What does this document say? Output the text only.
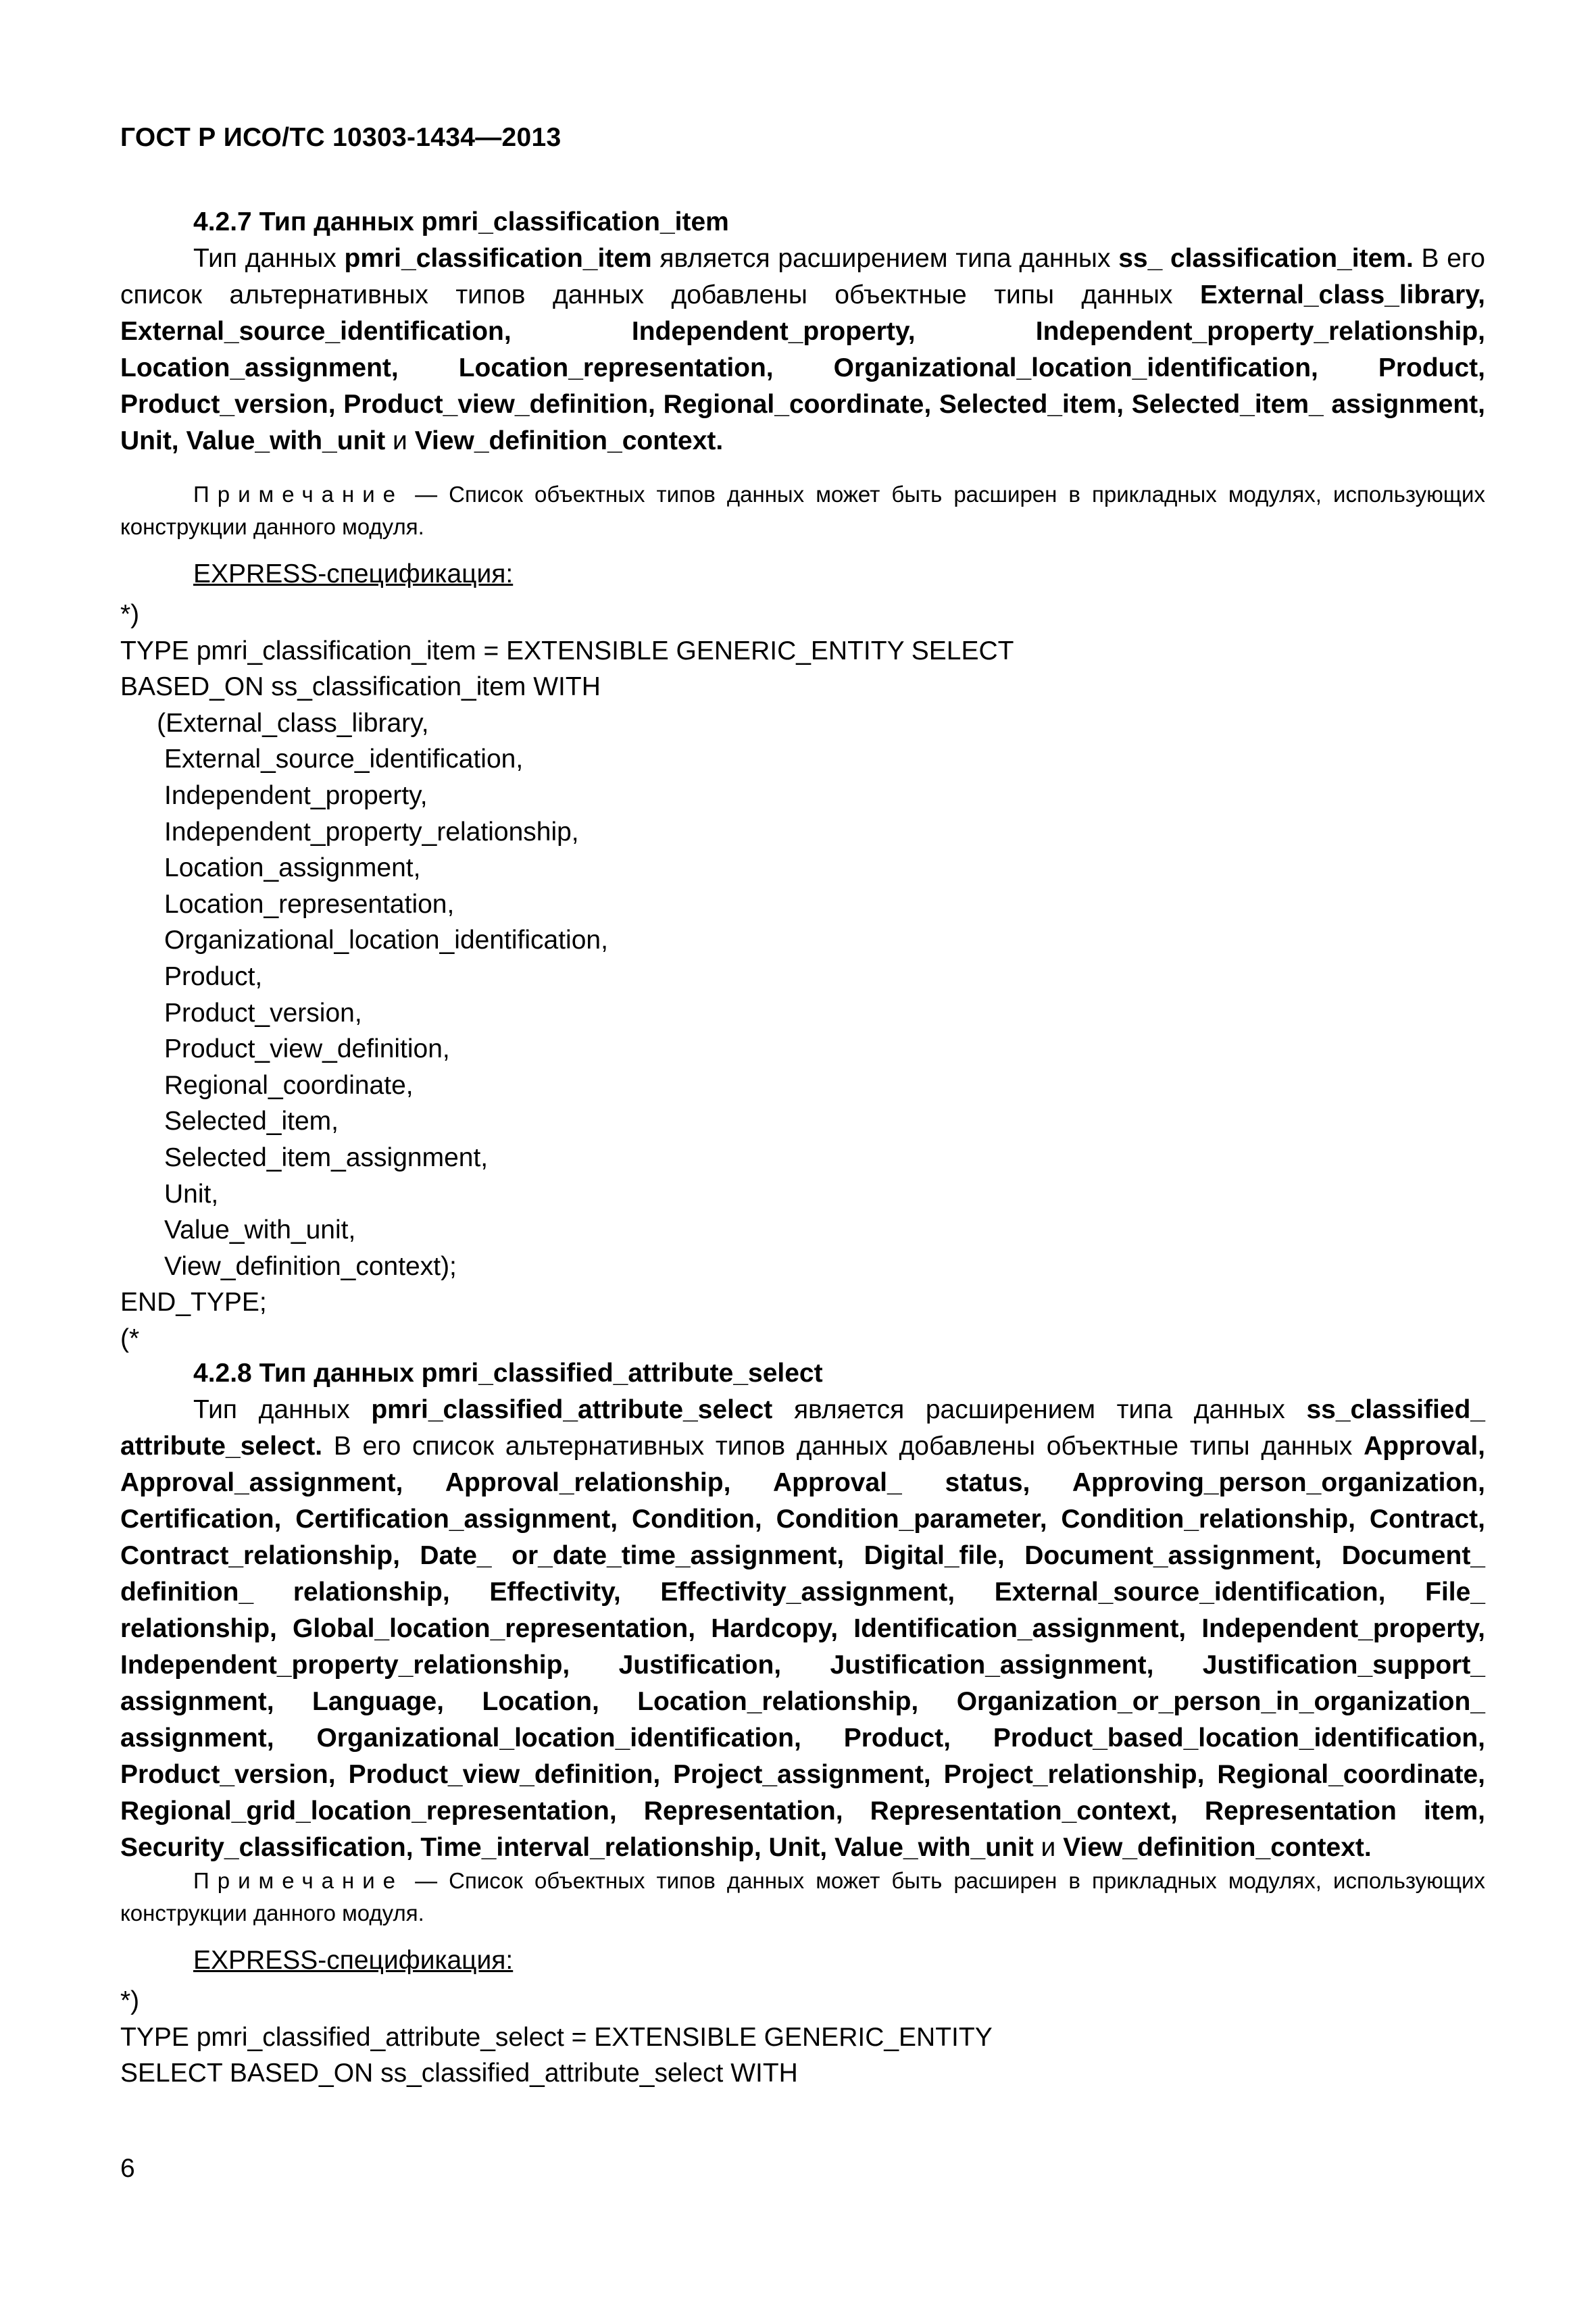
ГОСТ Р ИСО/ТС 10303-1434—2013
4.2.7 Тип данных pmri_classification_item

Тип данных pmri_classification_item является расширением типа данных ss_ classification_item. В его список альтернативных типов данных добавлены объектные типы данных External_class_library, External_source_identification, Independent_property, Independent_property_relationship, Location_assignment, Location_representation, Organizational_location_identification, Product, Product_version, Product_view_definition, Regional_coordinate, Selected_item, Selected_item_ assignment, Unit, Value_with_unit и View_definition_context.

Примечание — Список объектных типов данных может быть расширен в прикладных модулях, использующих конструкции данного модуля.
EXPRESS-спецификация:
*)
TYPE pmri_classification_item = EXTENSIBLE GENERIC_ENTITY SELECT
BASED_ON ss_classification_item WITH
(External_class_library,
External_source_identification,
Independent_property,
Independent_property_relationship,
Location_assignment,
Location_representation,
Organizational_location_identification,
Product,
Product_version,
Product_view_definition,
Regional_coordinate,
Selected_item,
Selected_item_assignment,
Unit,
Value_with_unit,
View_definition_context);
END_TYPE;
(*
4.2.8 Тип данных pmri_classified_attribute_select

Тип данных pmri_classified_attribute_select является расширением типа данных ss_classified_ attribute_select. В его список альтернативных типов данных добавлены объектные типы данных Approval, Approval_assignment, Approval_relationship, Approval_ status, Approving_person_organization, Certification, Certification_assignment, Condition, Condition_parameter, Condition_relationship, Contract, Contract_relationship, Date_ or_date_time_assignment, Digital_file, Document_assignment, Document_ definition_ relationship, Effectivity, Effectivity_assignment, External_source_identification, File_ relationship, Global_location_representation, Hardcopy, Identification_assignment, Independent_property, Independent_property_relationship, Justification, Justification_assignment, Justification_support_ assignment, Language, Location, Location_relationship, Organization_or_person_in_organization_ assignment, Organizational_location_identification, Product, Product_based_location_identification, Product_version, Product_view_definition, Project_assignment, Project_relationship, Regional_coordinate, Regional_grid_location_representation, Representation, Representation_context, Representation item, Security_classification, Time_interval_relationship, Unit, Value_with_unit и View_definition_context.

Примечание — Список объектных типов данных может быть расширен в прикладных модулях, использующих конструкции данного модуля.
EXPRESS-спецификация:
*)
TYPE pmri_classified_attribute_select = EXTENSIBLE GENERIC_ENTITY
SELECT BASED_ON ss_classified_attribute_select WITH
6
